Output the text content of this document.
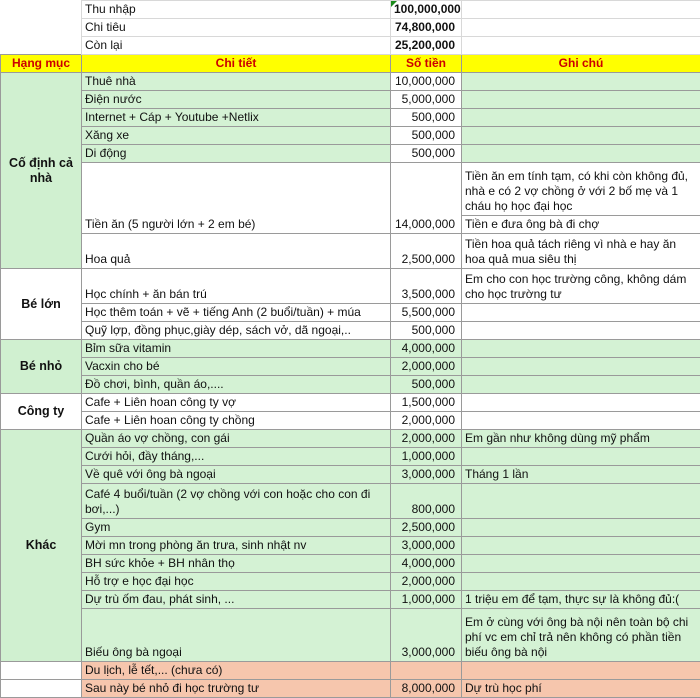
	Thu nhập	100,000,000	
	Chi tiêu	74,800,000	
	Còn lại	25,200,000	
Hạng mục	Chi tiết	Số tiền	Ghi chú
Cố định cả nhà	Thuê nhà	10,000,000	
	Điện nước	5,000,000	
	Internet + Cáp + Youtube +Netlix	500,000	
	Xăng xe	500,000	
	Di động	500,000	
	Tiền ăn (5 người lớn + 2 em bé)	14,000,000	Tiền ăn em tính tạm, có khi còn không đủ, nhà e có 2 vợ chồng ở với 2 bố mẹ và 1 cháu họ học đại học
			Tiền e đưa ông bà đi chợ
	Hoa quả	2,500,000	Tiền hoa quả tách riêng vì nhà e hay ăn hoa quả mua siêu thị
Bé lớn	Học chính + ăn bán trú	3,500,000	Em cho con học trường công, không dám cho học trường tư
	Học thêm toán + vẽ + tiếng Anh (2 buổi/tuần) + múa	5,500,000	
	Quỹ lợp, đồng phục,giày dép, sách vở, dã ngoại,..	500,000	
Bé nhỏ	Bỉm sữa vitamin	4,000,000	
	Vacxin cho bé	2,000,000	
	Đồ chơi, bình, quần áo,....	500,000	
Công ty	Cafe + Liên hoan công ty vợ	1,500,000	
	Cafe + Liên hoan công ty chồng	2,000,000	
Khác	Quần áo vợ chồng, con gái	2,000,000	Em gần như không dùng mỹ phẩm
	Cưới hỏi, đầy tháng,...	1,000,000	
	Về quê với ông bà ngoại	3,000,000	Tháng 1 lần
	Café 4 buổi/tuần (2 vợ chồng với con hoặc cho con đi bơi,...)	800,000	
	Gym	2,500,000	
	Mời mn trong phòng ăn trưa, sinh nhật nv	3,000,000	
	BH sức khỏe + BH nhân thọ	4,000,000	
	Hỗ trợ e học đại học	2,000,000	
	Dự trù ốm đau, phát sinh, ...	1,000,000	1 triệu em để tạm, thực sự là không đủ:(
	Biếu ông bà ngoại	3,000,000	Em ở cùng với ông bà nội nên toàn bộ chi phí vc em chỉ trả nên không có phần tiền biếu ông bà nội
	Du lịch, lễ tết,... (chưa có)		
	Sau này bé nhỏ đi học trường tư	8,000,000	Dự trù học phí
